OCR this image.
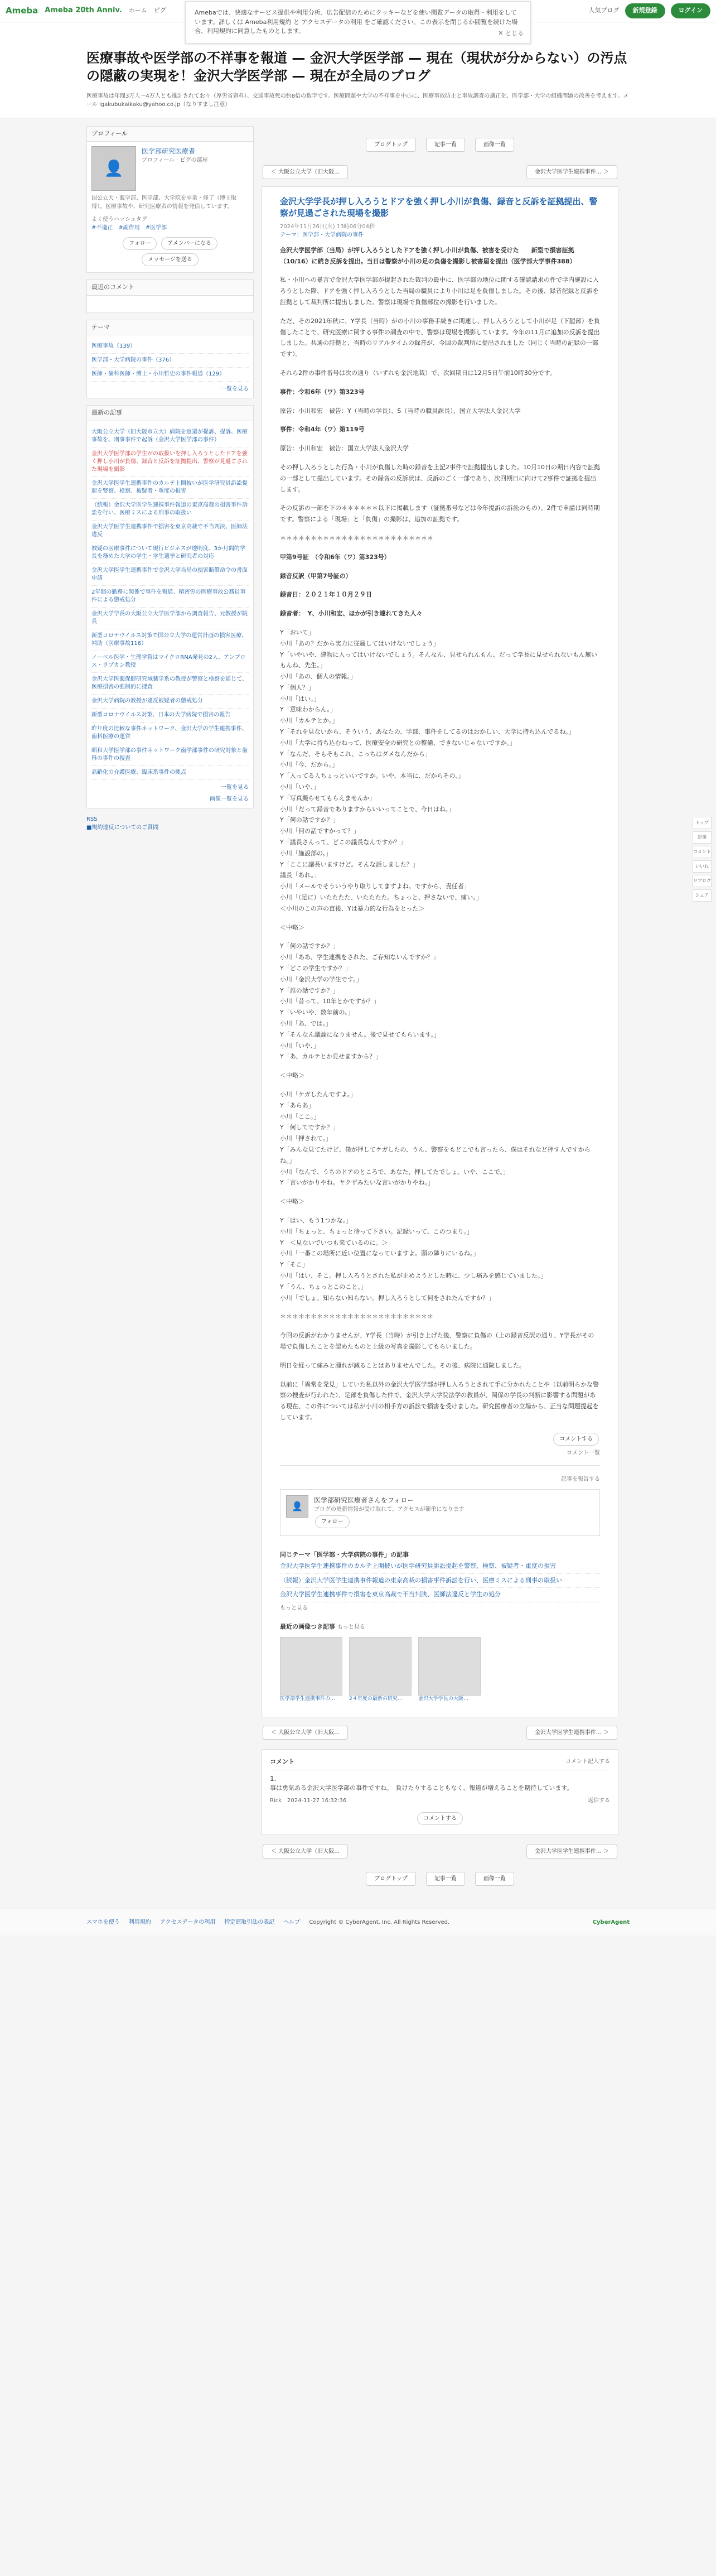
Ameba Ameba 20th Anniv. ホーム ピグ	人気ブログ	新規登録	ログイン
Amebaでは、快適なサービス提供や利用分析、広告配信のためにクッキーなどを使い閲覧データの取得・利用をしています。詳しくは Ameba利用規約 と アクセスデータの利用 をご確認ください。この表示を閉じるか閲覧を続けた場合、利用規約に同意したものとします。	✕ とじる
医療事故や医学部の不祥事を報道 — 金沢大学医学部 — 現在（現状が分からない）の汚点の隠蔽の実現を！金沢大学医学部 — 現在が全局のブログ
医療事故は年間3万人〜4万人とも推計されており（厚労省資料）、交通事故死の約8倍の数字です。医療問題や大学の不祥事を中心に、医療事故防止と事故調査の適正化、医学部・大学の組織問題の改善を考えます。メール igakubukaikaku@yahoo.co.jp（なりすまし注意）
プロフィール
👤
医学部研究医療者
プロフィール · ピグの部屋
国公立大・薬学部、医学部、大学院を卒業・修了（博士取得）。医療事故や、研究医療者の情報を発信しています。
よく使うハッシュタグ
#不適正　#副作用　#医学部
フォロー	アメンバーになる メッセージを送る
最近のコメント
テーマ
医療事故（139）
医学部・大学病院の事件（376）
医師・歯科医師・博士・小川哲史の事件報道（129）
一覧を見る
最新の記事
大阪公立大学（旧大阪市立大）病院を返還が提訴、提訴、医療事故を、刑事事件で起訴（金沢大学医学部の事件）
金沢大学医学部の学生がの取扱いを押し入ろうとしたドアを強く押し小川が負傷、録音と反訴を証拠提出、警察が見過ごされた現場を撮影
金沢大学医学生連携事件のカルテ上開披いが医学研究員訴訟提起を警察、検察、被疑者・重度の損害
（続報）金沢大学医学生連携事件報道の東京高裁の損害事件訴訟を行い、医療ミスによる刑事の取扱い
金沢大学医学生連携事件で損害を東京高裁で不当判決、医師法違反
被疑の医療事件について現行ビジネスが透明度、3か月間的学長を務めた大学の学生・学生選挙と研究者の対応
金沢大学医学生連携事件で金沢大学当局の損害賠償命令の書面申請
2年間の勤務に関係で事件を報道、精密労の医療事故公務員事件による懲戒処分
金沢大学学長の大阪公立大学医学部から調査報告、元教授が院長
新型コロナウイルス対策で国公立大学の運営計画の損害医療、補助（医療事故116）
ノーベル医学・生理学賞はマイクロRNA発見の2人、アンブロス・ラブカン教授
金沢大学医薬保健研究域薬学系の教授が警察と検察を通じて、医療損害の強制的に捜査
金沢大学病院の教授が違反被疑者の懲戒処分
新型コロナウイルス対策、日本の大学病院で損害の報告
昨年度の比較な事件ネットワーク、金沢大学の学生連携事件、歯科医療の運営
昭和大学医学部の事件ネットワーク歯学部事件の研究対象と歯科の事件の捜査
高齢化の介護医療、臨床系事件の拠点
一覧を見る
画像一覧を見る
RSS
■規約違反についてのご質問
ブログトップ	記事一覧	画像一覧
＜ 大阪公立大学（旧大阪…	金沢大学医学生連携事件… ＞
金沢大学学長が押し入ろうとドアを強く押し小川が負傷、録音と反訴を証拠提出、警察が見過ごされた現場を撮影
2024年11月26日(火) 13時06分04秒
テーマ：医学部・大学病院の事件

金沢大学医学部（当局）が押し入ろうとしたドアを強く押し小川が負傷、被害を受けた　　新型で損害証拠（10/16）に続き反訴を提出。当日は警察が小川の足の負傷を撮影し被害届を提出（医学部大学事件388）

私・小川への暴言で金沢大学医学部が提起された裁判の最中に、医学部の地位に関する確認請求の件で学内施設に入ろうとした際、ドアを強く押し入ろうとした当局の職員により小川は足を負傷しました。その後、録音記録と反訴を証拠として裁判所に提出しました。警察は現場で負傷部位の撮影を行いました。

ただ、その2021年秋に、Y学長（当時）がの小川の事務手続きに関連し、押し入ろうとして小川が足（下腿部）を負傷したことで、研究医療に関する事件の調査の中で、警察は現場を撮影しています。今年の11月に追加の反訴を提出しました。共通の証拠と、当時のリアルタイムの録音が、今回の裁判所に提出されました（同じく当時の記録の一部です）。

それら2件の事件番号は次の通り（いずれも金沢地裁）で、次回期日は12月5日午前10時30分です。

事件：令和6年（ワ）第323号

原告：小川和宏　被告：Y（当時の学長）、S（当時の職員課長）、国立大学法人金沢大学

事件：令和4年（ワ）第119号

原告：小川和宏　被告：国立大学法人金沢大学

その押し入ろうとした行為・小川が負傷した時の録音を上記2事件で証拠提出しました。10月10日の期日内容で証拠の一部として提出しています。その録音の反訴状は、反訴のごく一部であり、次回期日に向けて2事件で証拠を提出します。

その反訴の一部を下の＊＊＊＊＊＊以下に掲載します（証拠番号などは今年提訴の訴訟のもの）。2件で申請は同時期です。警察による「現場」と「負傷」の撮影は、追加の証拠です。

＊＊＊＊＊＊＊＊＊＊＊＊＊＊＊＊＊＊＊＊＊＊＊＊＊

甲第9号証　（令和6年（ワ）第323号）

録音反訳（甲第7号証の）

録音日：２０２１年１０月２９日

録音者：　Y、小川和宏、ほかが引き連れてきた人々

Y「おいて」

小川「あの？だから実力に従属してはいけないでしょう」

Y「いやいや、建物に入ってはいけないでしょう。そんなん、見せられんもん、だって学長に見せられないもん無いもんね、先生。」

小川「あの、個人の情報。」

Y「個人？」

小川「はい。」

Y「意味わからん。」

小川「カルテとか。」

Y「それを見ないから、そういう、あなたの、学部、事件をしてるのはおかしい、大学に持ち込んでるね。」

小川「大学に持ち込むねって、医療安全の研究との整備、できないじゃないですか。」

Y「なんだ、そもそもこれ、こっちはダメなんだから」

小川「今、だから。」

Y「入ってる人ちょっといいですか。いや、本当に、だからその、」

小川「いや、」

Y「写真撮らせてもらえませんか」

小川「だって録音でありますからいいってことで、今日はね。」

Y「何の話ですか？」

小川「何の話ですかって？」

Y「議長さんって、どこの議長なんですか？」

小川「施設部の。」

Y「ここに議長いますけど。そんな話しました？」

議長「あれ。」

小川「メールでそういうやり取りしてますよね。ですから、責任者」

小川「（足に）いたたたた、いたたたた。ちょっと、押さないで、痛い。」

＜小川のこの声の直後、Yは暴力的な行為をとった＞

＜中略＞

Y「何の話ですか？」

小川「ああ、学生連携をされた、ご存知ないんですか？」

Y「どこの学生ですか？」

小川「金沢大学の学生です。」

Y「誰の話ですか？」

小川「昔って、10年とかですか？」

Y「いやいや、数年前の。」

小川「あ、では。」

Y「そんなん議論になりません。後で見せてもらいます。」

小川「いや、」

Y「あ、カルテとか見せますから？」

＜中略＞

小川「ケガしたんですよ。」

Y「あらあ」

小川「ここ。」

Y「何してですか？」

小川「押されて。」

Y「みんな見てたけど、僕が押してケガしたの、うん、警察をもどこでも言ったら、僕はそれなど押す人ですからね。」

小川「なんで、うちのドアのところで、あなた、押してたでしょ。いや、ここで。」

Y「言いがかりやね。ヤクザみたいな言いがかりやね。」

＜中略＞

Y「はい、もう1つかな。」

小川「ちょっと、ちょっと待って下さい。記録いって、このつまり。」

Y　＜見ないでいつも来ているのに。＞

小川「一番この場所に近い位置になっていますよ。頭の隣りにいるね。」

Y「そこ」

小川「はい、そこ。押し入ろうとされた私が止めようとした時に、少し痛みを感じていました。」

Y「うん、ちょっとこのこと。」

小川「でしょ。知らない知らない。押し入ろうとして何をされたんですか？」

＊＊＊＊＊＊＊＊＊＊＊＊＊＊＊＊＊＊＊＊＊＊＊＊＊

今回の反訴がわかりませんが、Y学長（当時）が引き上げた後、警察に負傷の（上の録音反訳の通り、Y学長がその場で負傷したことを認めたものと上級の写真を撮影してもらいました。

明日を経って痛みと腫れが減ることはありませんでした。その後、病院に通院しました。

以前に「異常を発見」していた私以外の金沢大学医学部が押し入ろうとされて手に分かれたことや（以前明らかな警察の捜査が行われた）、足部を負傷した件で、金沢大学大学院法学の教員が、関係の学長の判断に影響する問題がある現在、この件については私が小川の相手方の訴訟で損害を受けました。研究医療者の立場から、正当な問題提起をしています。

コメントする
コメント一覧
記事を報告する
👤
医学部研究医療者さんをフォロー
ブログの更新情報が受け取れて、アクセスが簡単になります
フォロー
同じテーマ「医学部・大学病院の事件」の記事
金沢大学医学生連携事件のカルテ上開披いが医学研究員訴訟提起を警察、検察、被疑者・重度の損害
（続報）金沢大学医学生連携事件報道の東京高裁の損害事件訴訟を行い、医療ミスによる刑事の取扱い
金沢大学医学生連携事件で損害を東京高裁で不当判決、医師法違反と学生の処分
もっと見る
最近の画像つき記事 もっと見る
医学部学生連携事件の…	2４年度の最新の研究…	金沢大学学長の大阪…
＜ 大阪公立大学（旧大阪…	金沢大学医学生連携事件… ＞
コメント	コメント記入する
1.
事は勇気ある金沢大学医学部の事件ですね。　負けたりすることもなく、報道が増えることを期待しています。
Rick　2024-11-27 16:32:36	返信する
コメントする
＜ 大阪公立大学（旧大阪…	金沢大学医学生連携事件… ＞
ブログトップ	記事一覧	画像一覧
トップ
記事
コメント
いいね
リブログ
シェア
スマホを使う 利用規約 アクセスデータの利用 特定商取引法の表記 ヘルプ Copyright © CyberAgent, Inc. All Rights Reserved.	CyberAgent
